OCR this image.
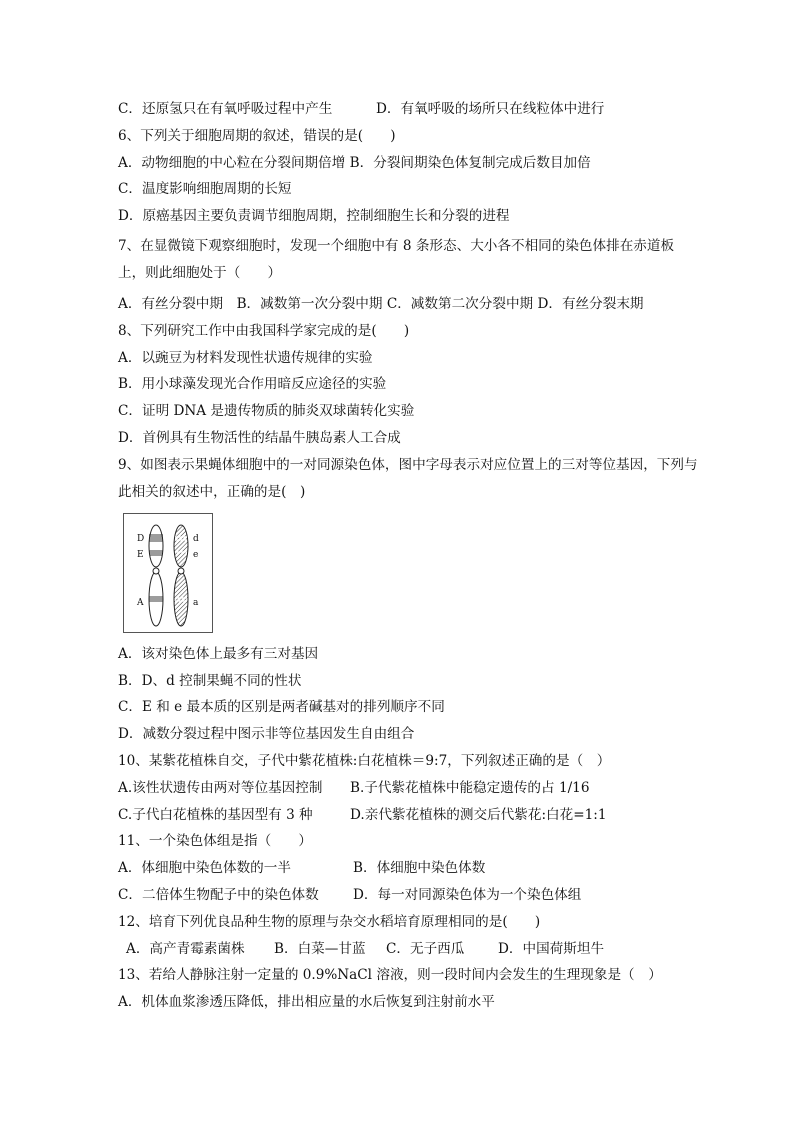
C．还原氢只在有氧呼吸过程中产生	D．有氧呼吸的场所只在线粒体中进行
6、下列关于细胞周期的叙述，错误的是(　　)
A．动物细胞的中心粒在分裂间期倍增 B．分裂间期染色体复制完成后数目加倍
C．温度影响细胞周期的长短
D．原癌基因主要负责调节细胞周期，控制细胞生长和分裂的进程
7、在显微镜下观察细胞时，发现一个细胞中有 8 条形态、大小各不相同的染色体排在赤道板上，则此细胞处于（　　）
A．有丝分裂中期　B．减数第一次分裂中期 C．减数第二次分裂中期 D．有丝分裂末期
8、下列研究工作中由我国科学家完成的是(　　)
A．以豌豆为材料发现性状遗传规律的实验
B．用小球藻发现光合作用暗反应途径的实验
C．证明 DNA 是遗传物质的肺炎双球菌转化实验
D．首例具有生物活性的结晶牛胰岛素人工合成
9、如图表示果蝇体细胞中的一对同源染色体，图中字母表示对应位置上的三对等位基因，下列与此相关的叙述中，正确的是(　)
D
E
A
d
e
a
A．该对染色体上最多有三对基因
B．D、d 控制果蝇不同的性状
C．E 和 e 最本质的区别是两者碱基对的排列顺序不同
D．减数分裂过程中图示非等位基因发生自由组合
10、某紫花植株自交，子代中紫花植株:白花植株＝9:7，下列叙述正确的是（　）
A.该性状遗传由两对等位基因控制 B.子代紫花植株中能稳定遗传的占 1/16
C.子代白花植株的基因型有 3 种	D.亲代紫花植株的测交后代紫花:白花=1:1
11、一个染色体组是指（　　）
A．体细胞中染色体数的一半	B．体细胞中染色体数
C．二倍体生物配子中的染色体数	D．每一对同源染色体为一个染色体组
12、培育下列优良品种生物的原理与杂交水稻培育原理相同的是(　　)
A．高产青霉素菌株 B．白菜—甘蓝 C．无子西瓜 D．中国荷斯坦牛
13、若给人静脉注射一定量的 0.9%NaCl 溶液，则一段时间内会发生的生理现象是（　）
A．机体血浆渗透压降低，排出相应量的水后恢复到注射前水平
